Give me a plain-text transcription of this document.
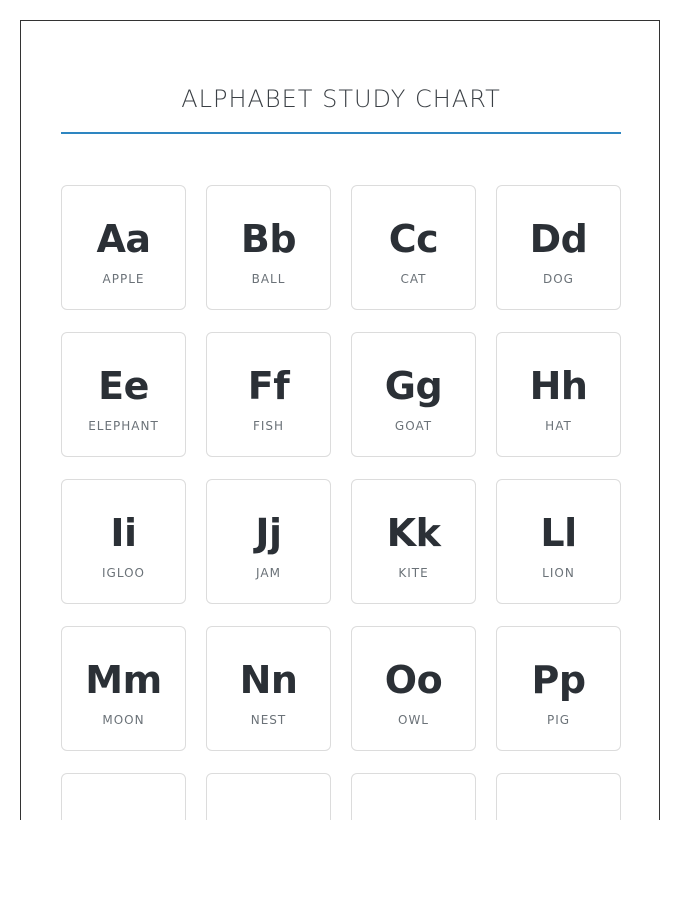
ALPHABET STUDY CHART
Aa
APPLE
Bb
BALL
Cc
CAT
Dd
DOG
Ee
ELEPHANT
Ff
FISH
Gg
GOAT
Hh
HAT
Ii
IGLOO
Jj
JAM
Kk
KITE
Ll
LION
Mm
MOON
Nn
NEST
Oo
OWL
Pp
PIG
